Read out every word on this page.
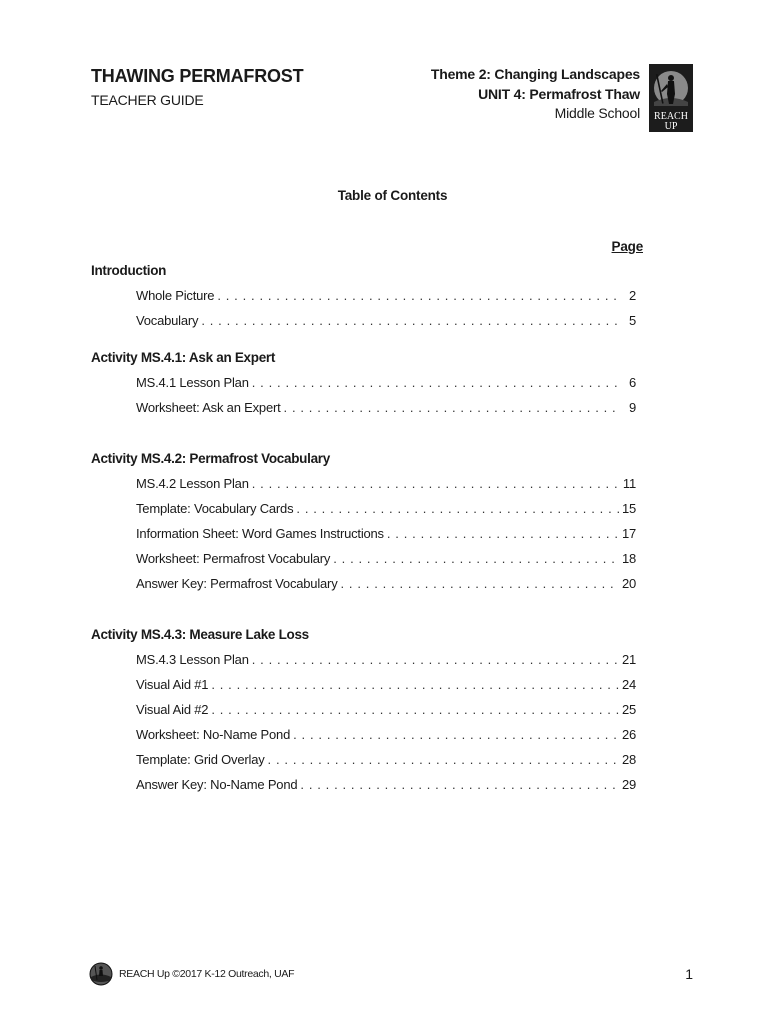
THAWING PERMAFROST
TEACHER GUIDE
Theme 2: Changing Landscapes
UNIT 4: Permafrost Thaw
Middle School REACH
UP
Table of Contents
Page
Introduction
Whole Picture . . .	2
Vocabulary . . .	5
Activity MS.4.1: Ask an Expert
MS.4.1 Lesson Plan . . .	6
Worksheet: Ask an Expert . . .	9
Activity MS.4.2: Permafrost Vocabulary
MS.4.2 Lesson Plan . . .	11
Template: Vocabulary Cards . . .	15
Information Sheet: Word Games Instructions . . .	17
Worksheet: Permafrost Vocabulary . . .	18
Answer Key: Permafrost Vocabulary . . .	20
Activity MS.4.3: Measure Lake Loss
MS.4.3 Lesson Plan . . .	21
Visual Aid #1 . . .	24
Visual Aid #2 . . .	25
Worksheet: No-Name Pond . . .	26
Template: Grid Overlay . . .	28
Answer Key: No-Name Pond . . .	29
REACH Up ©2017 K-12 Outreach, UAF	1
